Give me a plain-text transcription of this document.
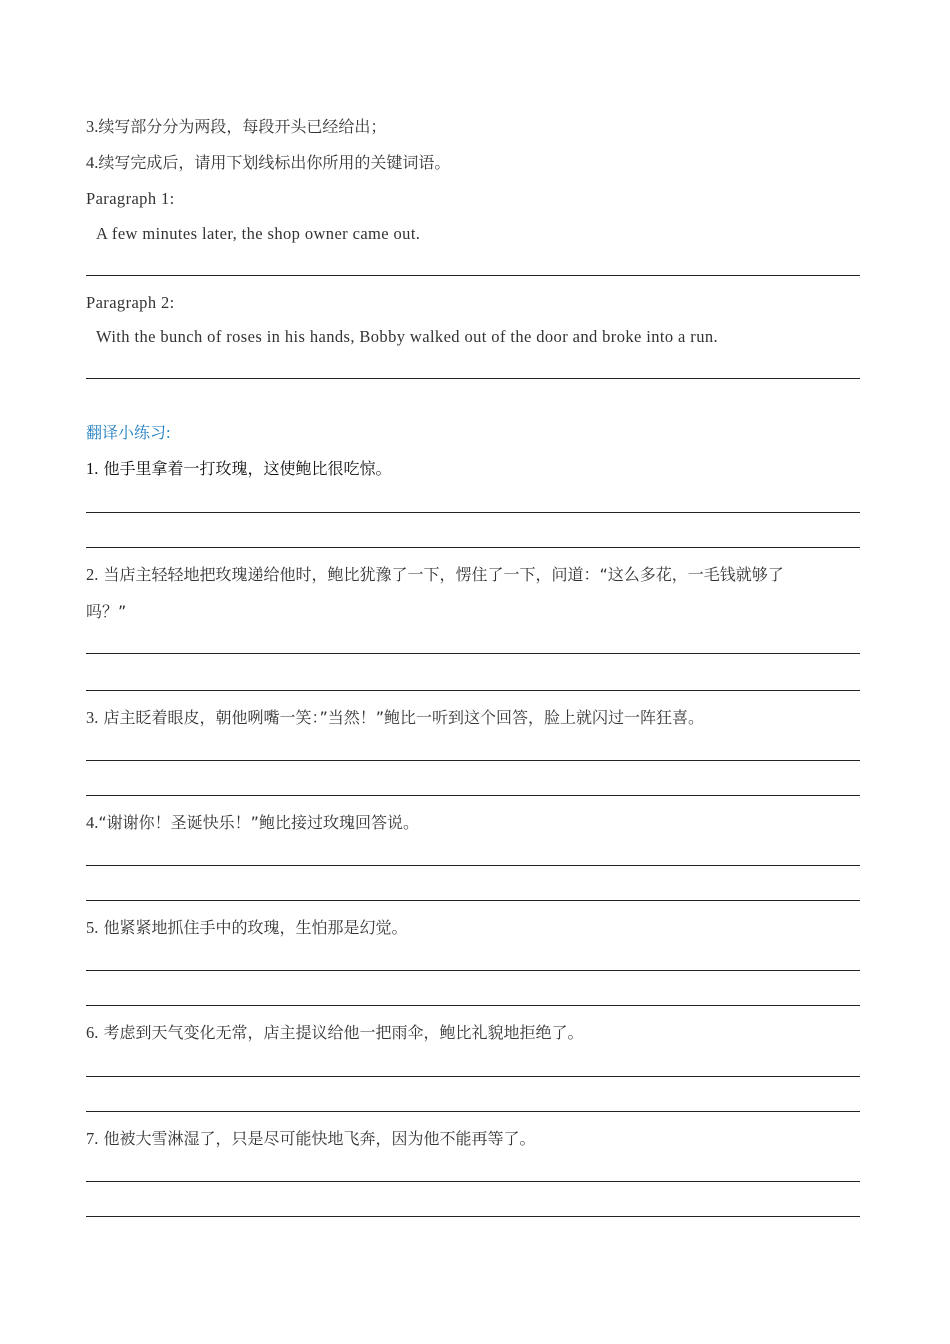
3.续写部分分为两段，每段开头已经给出；
4.续写完成后，请用下划线标出你所用的关键词语。
Paragraph 1:
A few minutes later, the shop owner came out.
Paragraph 2:
With the bunch of roses in his hands, Bobby walked out of the door and broke into a run.
翻译小练习:
1. 他手里拿着一打玫瑰，这使鲍比很吃惊。
2. 当店主轻轻地把玫瑰递给他时，鲍比犹豫了一下，愣住了一下，问道：“这么多花，一毛钱就够了
吗？”
3. 店主眨着眼皮，朝他咧嘴一笑：”当然！”鲍比一听到这个回答，脸上就闪过一阵狂喜。
4.“谢谢你！圣诞快乐！”鲍比接过玫瑰回答说。
5. 他紧紧地抓住手中的玫瑰，生怕那是幻觉。
6. 考虑到天气变化无常，店主提议给他一把雨伞，鲍比礼貌地拒绝了。
7. 他被大雪淋湿了，只是尽可能快地飞奔，因为他不能再等了。
